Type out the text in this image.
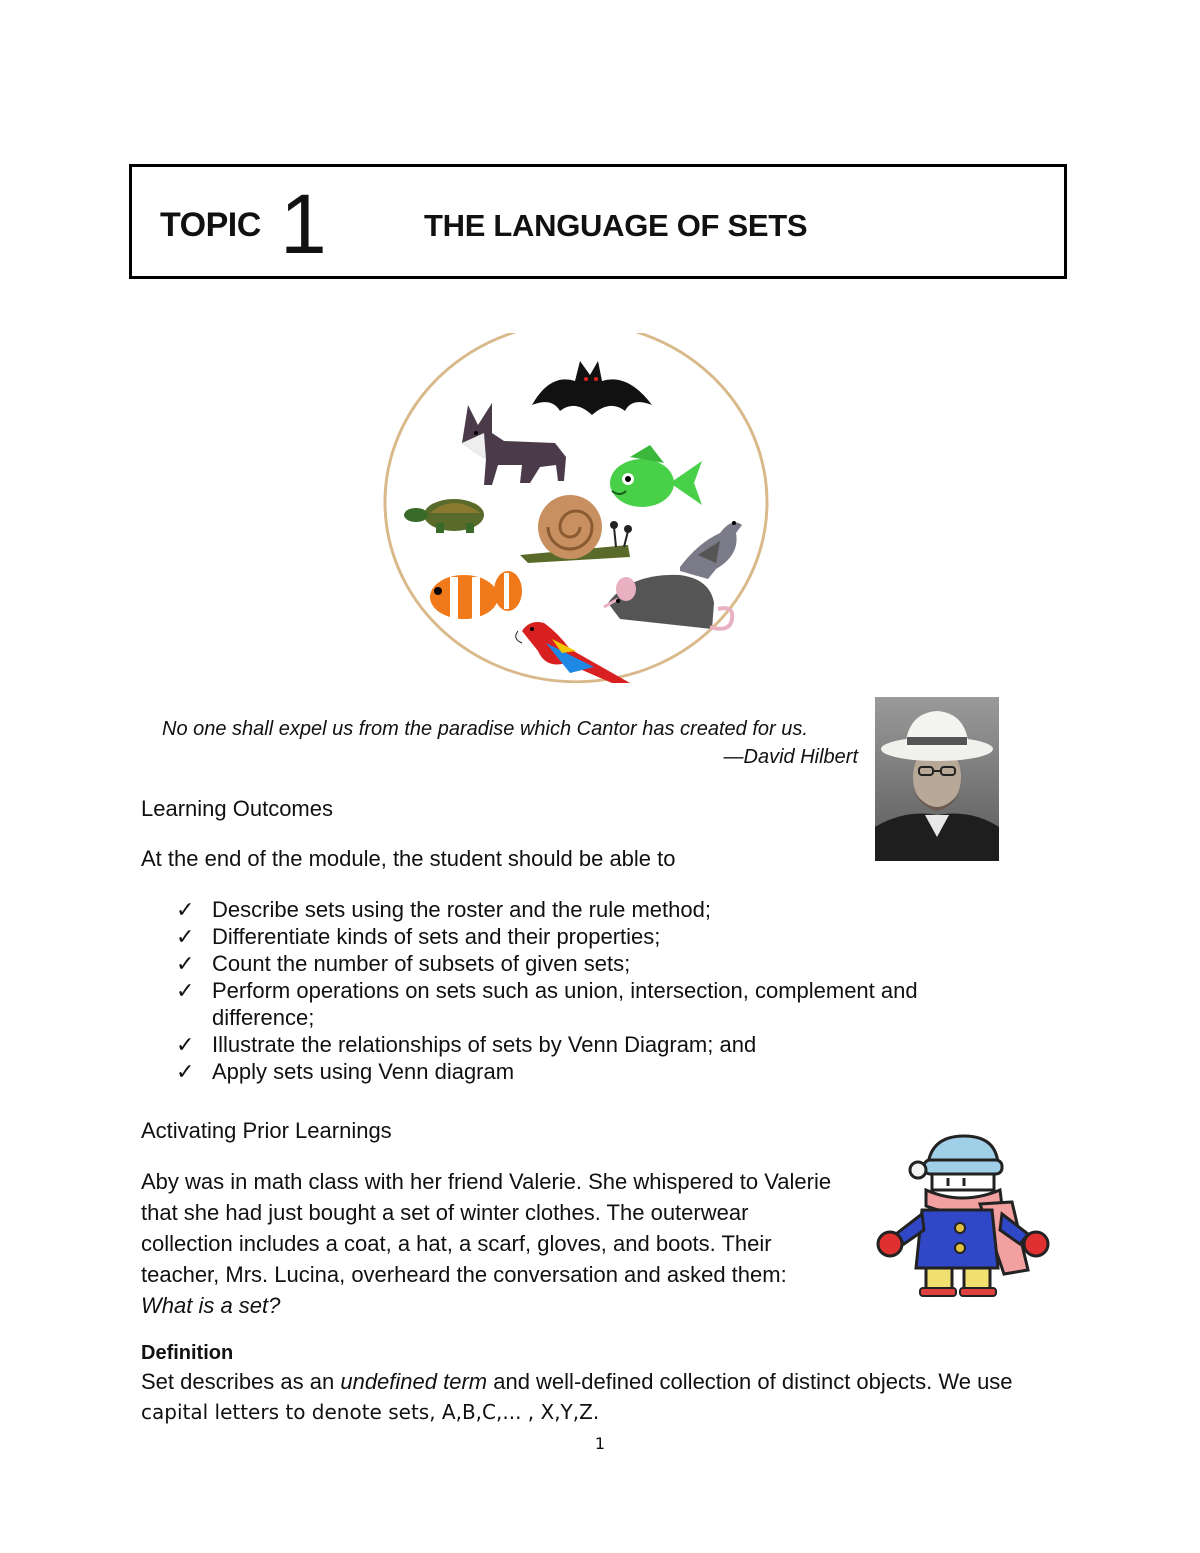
TOPIC 1	THE LANGUAGE OF SETS
No one shall expel us from the paradise which Cantor has created for us.
—David Hilbert
Learning Outcomes
At the end of the module, the student should be able to
✓ Describe sets using the roster and the rule method;
✓ Differentiate kinds of sets and their properties;
✓ Count the number of subsets of given sets;
✓ Perform operations on sets such as union, intersection, complement and difference;
✓ Illustrate the relationships of sets by Venn Diagram; and
✓ Apply sets using Venn diagram
Activating Prior Learnings
Aby was in math class with her friend Valerie. She whispered to Valerie that she had just bought a set of winter clothes. The outerwear collection includes a coat, a hat, a scarf, gloves, and boots. Their teacher, Mrs. Lucina, overheard the conversation and asked them: What is a set?
Definition
Set describes as an undefined term and well-defined collection of distinct objects. We use
capital letters to denote sets, A,B,C,... , X,Y,Z.
1
